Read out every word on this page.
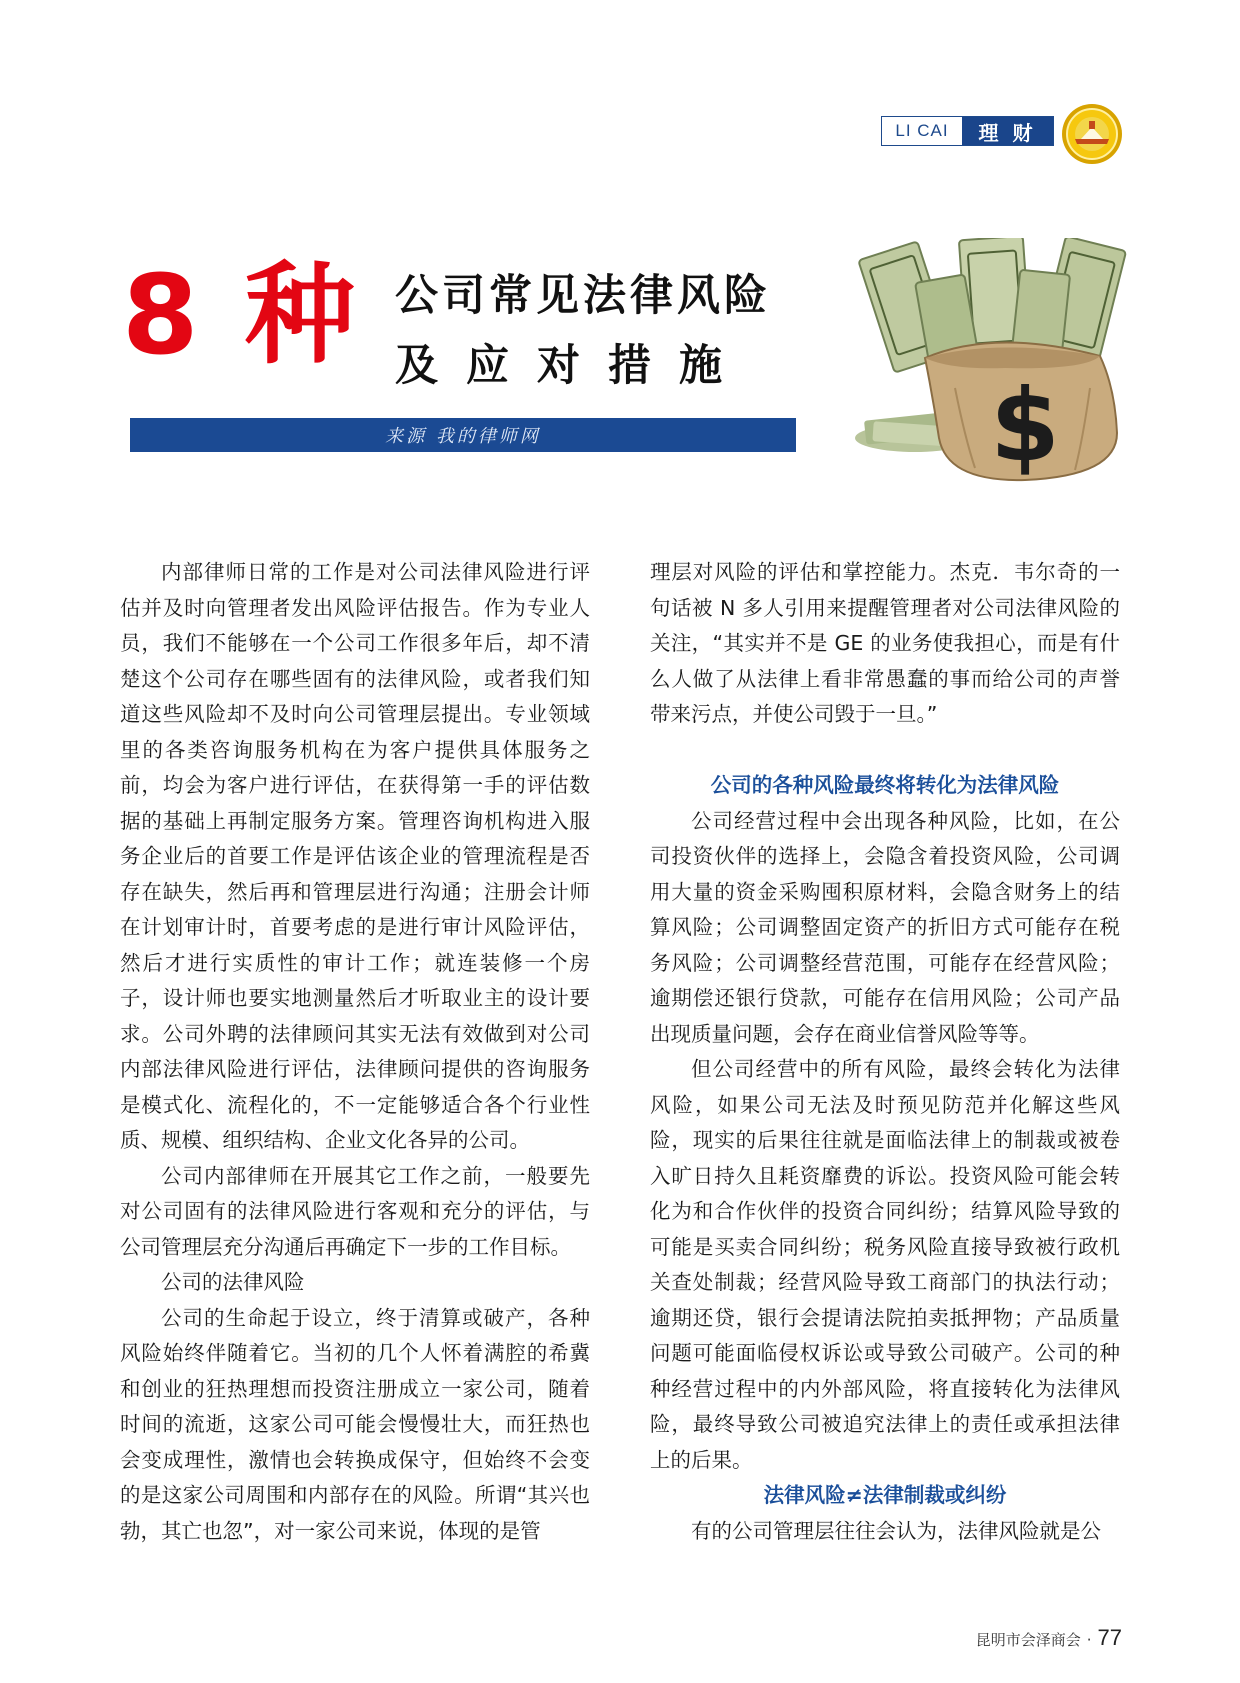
LI CAI	理财
8 种 公司常见法律风险
及应对措施
来源 我的律师网	$

内部律师日常的工作是对公司法律风险进行评估并及时向管理者发出风险评估报告。作为专业人员，我们不能够在一个公司工作很多年后，却不清楚这个公司存在哪些固有的法律风险，或者我们知道这些风险却不及时向公司管理层提出。专业领域里的各类咨询服务机构在为客户提供具体服务之前，均会为客户进行评估，在获得第一手的评估数据的基础上再制定服务方案。管理咨询机构进入服务企业后的首要工作是评估该企业的管理流程是否存在缺失，然后再和管理层进行沟通；注册会计师在计划审计时，首要考虑的是进行审计风险评估，然后才进行实质性的审计工作；就连装修一个房子，设计师也要实地测量然后才听取业主的设计要求。公司外聘的法律顾问其实无法有效做到对公司内部法律风险进行评估，法律顾问提供的咨询服务是模式化、流程化的，不一定能够适合各个行业性质、规模、组织结构、企业文化各异的公司。

公司内部律师在开展其它工作之前，一般要先对公司固有的法律风险进行客观和充分的评估，与公司管理层充分沟通后再确定下一步的工作目标。

公司的法律风险

公司的生命起于设立，终于清算或破产，各种风险始终伴随着它。当初的几个人怀着满腔的希冀和创业的狂热理想而投资注册成立一家公司，随着时间的流逝，这家公司可能会慢慢壮大，而狂热也会变成理性，激情也会转换成保守，但始终不会变的是这家公司周围和内部存在的风险。所谓“其兴也勃，其亡也忽”，对一家公司来说，体现的是管

理层对风险的评估和掌控能力。杰克．韦尔奇的一句话被 N 多人引用来提醒管理者对公司法律风险的关注，“其实并不是 GE 的业务使我担心，而是有什么人做了从法律上看非常愚蠢的事而给公司的声誉带来污点，并使公司毁于一旦。”

公司的各种风险最终将转化为法律风险

公司经营过程中会出现各种风险，比如，在公司投资伙伴的选择上，会隐含着投资风险，公司调用大量的资金采购囤积原材料，会隐含财务上的结算风险；公司调整固定资产的折旧方式可能存在税务风险；公司调整经营范围，可能存在经营风险；逾期偿还银行贷款，可能存在信用风险；公司产品出现质量问题，会存在商业信誉风险等等。

但公司经营中的所有风险，最终会转化为法律风险，如果公司无法及时预见防范并化解这些风险，现实的后果往往就是面临法律上的制裁或被卷入旷日持久且耗资靡费的诉讼。投资风险可能会转化为和合作伙伴的投资合同纠纷；结算风险导致的可能是买卖合同纠纷；税务风险直接导致被行政机关查处制裁；经营风险导致工商部门的执法行动；逾期还贷，银行会提请法院拍卖抵押物；产品质量问题可能面临侵权诉讼或导致公司破产。公司的种种经营过程中的内外部风险，将直接转化为法律风险，最终导致公司被追究法律上的责任或承担法律上的后果。

法律风险≠法律制裁或纠纷

有的公司管理层往往会认为，法律风险就是公

昆明市会泽商会 · 77
